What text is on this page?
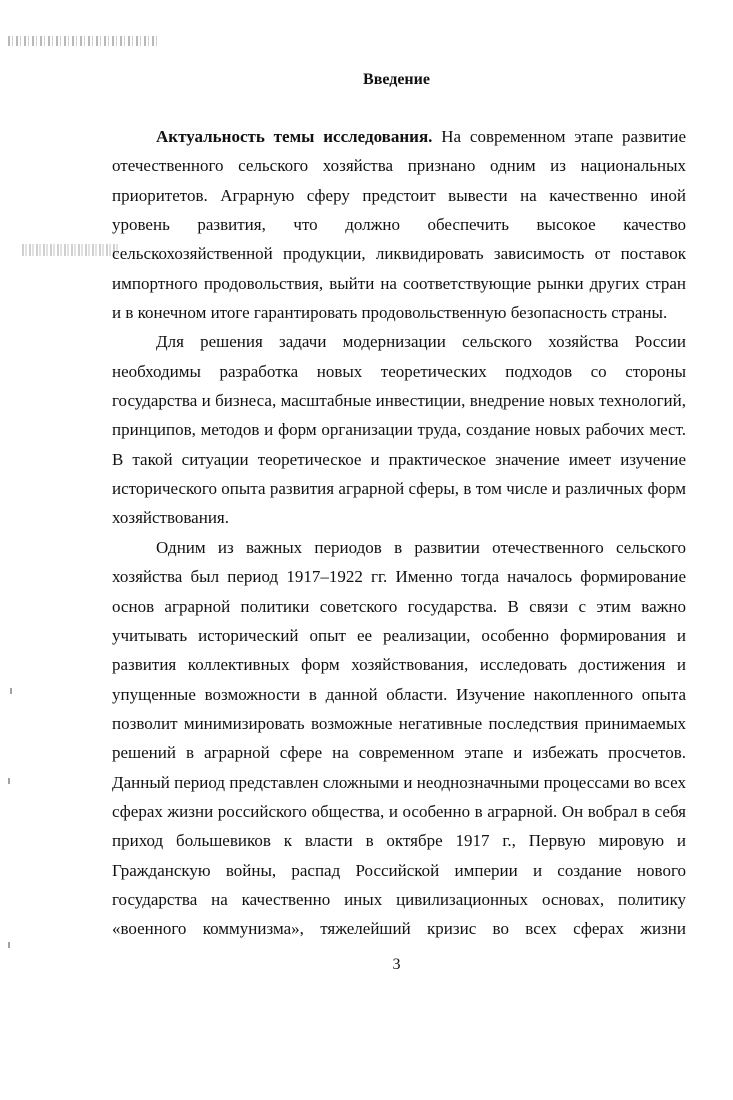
Введение

Актуальность темы исследования. На современном этапе развитие отечественного сельского хозяйства признано одним из национальных приоритетов. Аграрную сферу предстоит вывести на качественно иной уровень развития, что должно обеспечить высокое качество сельскохозяйственной продукции, ликвидировать зависимость от поставок импортного продовольствия, выйти на соответствующие рынки других стран и в конечном итоге гарантировать продовольственную безопасность страны.

Для решения задачи модернизации сельского хозяйства России необходимы разработка новых теоретических подходов со стороны государства и бизнеса, масштабные инвестиции, внедрение новых технологий, принципов, методов и форм организации труда, создание новых рабочих мест. В такой ситуации теоретическое и практическое значение имеет изучение исторического опыта развития аграрной сферы, в том числе и различных форм хозяйствования.

Одним из важных периодов в развитии отечественного сельского хозяйства был период 1917–1922 гг. Именно тогда началось формирование основ аграрной политики советского государства. В связи с этим важно учитывать исторический опыт ее реализации, особенно формирования и развития коллективных форм хозяйствования, исследовать достижения и упущенные возможности в данной области. Изучение накопленного опыта позволит минимизировать возможные негативные последствия принимаемых решений в аграрной сфере на современном этапе и избежать просчетов. Данный период представлен сложными и неоднозначными процессами во всех сферах жизни российского общества, и особенно в аграрной. Он вобрал в себя приход большевиков к власти в октябре 1917 г., Первую мировую и Гражданскую войны, распад Российской империи и создание нового государства на качественно иных цивилизационных основах, политику «военного коммунизма», тяжелейший кризис во всех сферах жизни

3
